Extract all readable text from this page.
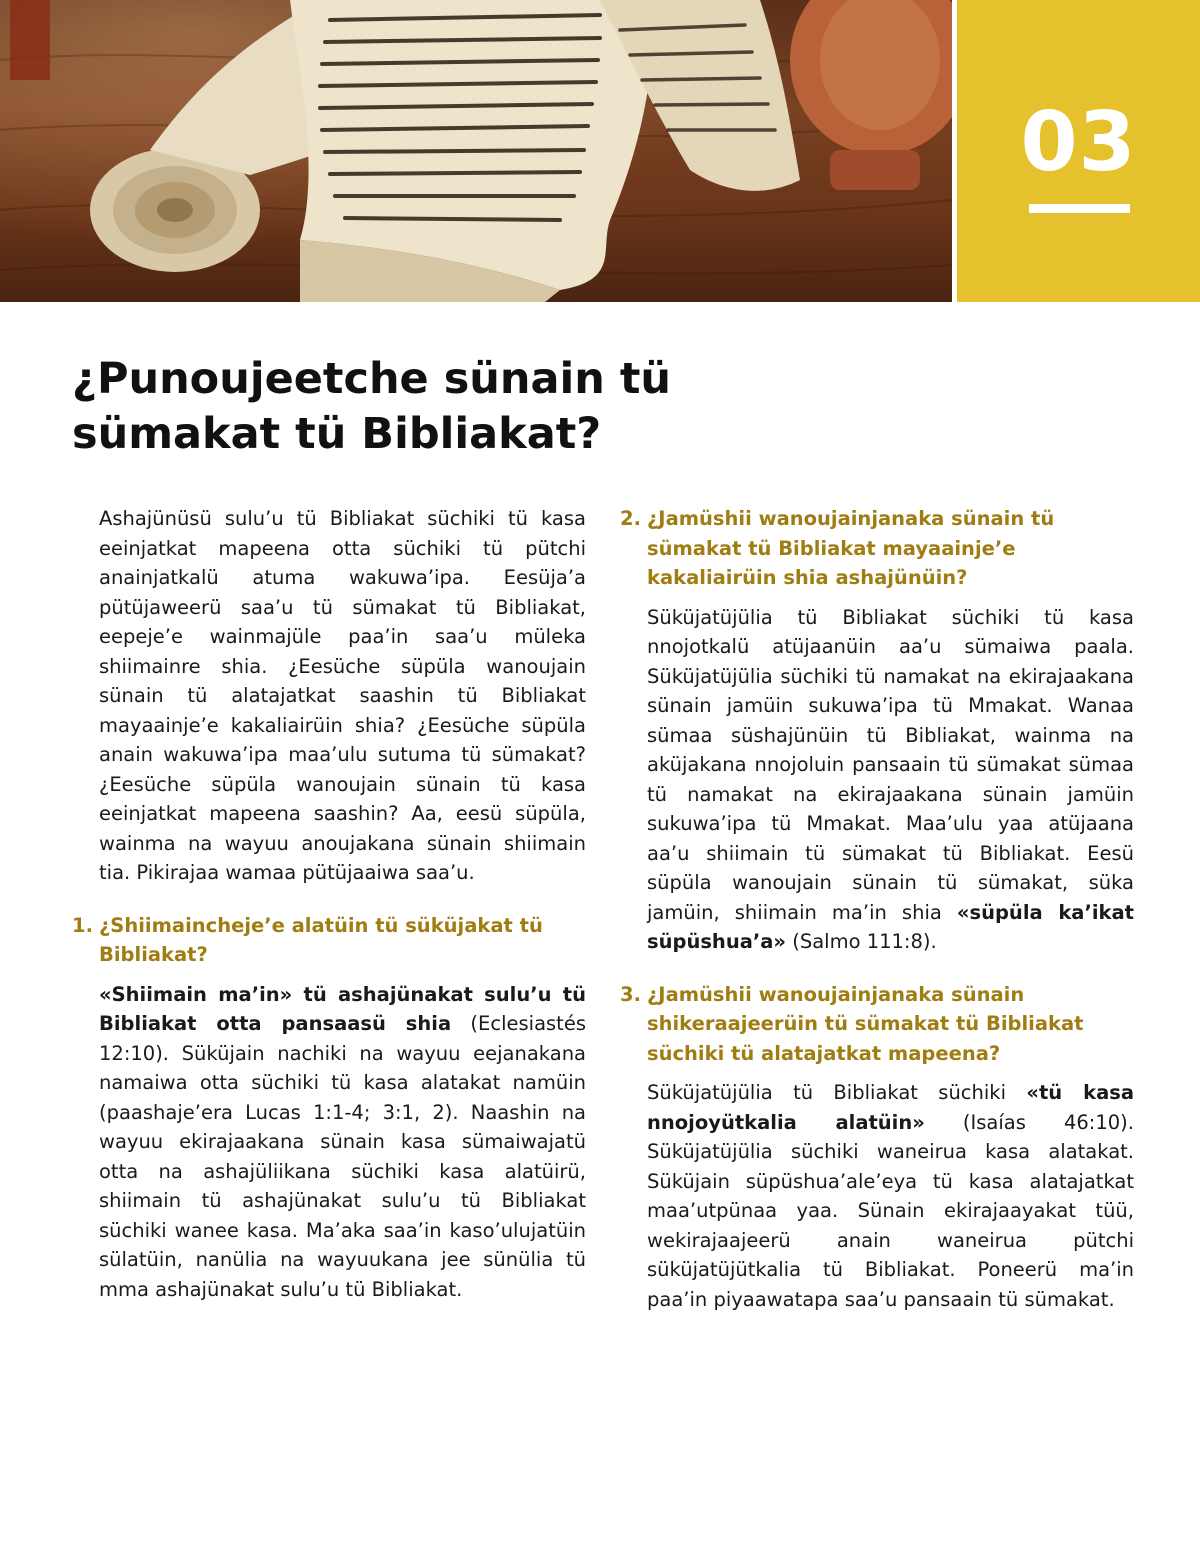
03
¿Punoujeetche sünain tü
sümakat tü Bibliakat?

Ashajünüsü sulu’u tü Bibliakat süchiki tü kasa eeinjatkat mapeena otta süchiki tü pütchi anainjatkalü atuma wakuwa’ipa. Eesüja’a pütüjaweerü saa’u tü sümakat tü Bibliakat, eepeje’e wainmajüle paa’in saa’u müleka shiimainre shia. ¿Eesüche süpüla wanoujain sünain tü alatajatkat saashin tü Bibliakat mayaainje’e kakaliairüin shia? ¿Eesüche süpüla anain wakuwa’ipa maa’ulu sutuma tü sümakat? ¿Eesüche süpüla wanoujain sünain tü kasa eeinjatkat mapeena saashin? Aa, eesü süpüla, wainma na wayuu anoujakana sünain shiimain tia. Pikirajaa wamaa pütüjaaiwa saa’u.

1. ¿Shiimaincheje’e alatüin tü süküjakat tü Bibliakat?

«Shiimain ma’in» tü ashajünakat sulu’u tü Bibliakat otta pansaasü shia (Eclesiastés 12:10). Süküjain nachiki na wayuu eejanakana namaiwa otta süchiki tü kasa alatakat namüin (paashaje’era Lucas 1:1-4; 3:1, 2). Naashin na wayuu ekirajaakana sünain kasa sümaiwajatü otta na ashajüliikana süchiki kasa alatüirü, shiimain tü ashajünakat sulu’u tü Bibliakat süchiki wanee kasa. Ma’aka saa’in kaso’ulujatüin sülatüin, nanülia na wayuukana jee sünülia tü mma ashajünakat sulu’u tü Bibliakat.

2. ¿Jamüshii wanoujainjanaka sünain tü sümakat tü Bibliakat mayaainje’e kakaliairüin shia ashajünüin?

Süküjatüjülia tü Bibliakat süchiki tü kasa nnojotkalü atüjaanüin aa’u sümaiwa paala. Süküjatüjülia süchiki tü namakat na ekirajaakana sünain jamüin sukuwa’ipa tü Mmakat. Wanaa sümaa süshajünüin tü Bibliakat, wainma na aküjakana nnojoluin pansaain tü sümakat sümaa tü namakat na ekirajaakana sünain jamüin sukuwa’ipa tü Mmakat. Maa’ulu yaa atüjaana aa’u shiimain tü sümakat tü Bibliakat. Eesü süpüla wanoujain sünain tü sümakat, süka jamüin, shiimain ma’in shia «süpüla ka’ikat süpüshua’a» (Salmo 111:8).

3. ¿Jamüshii wanoujainjanaka sünain shikeraajeerüin tü sümakat tü Bibliakat süchiki tü alatajatkat mapeena?

Süküjatüjülia tü Bibliakat süchiki «tü kasa nnojoyütkalia alatüin» (Isaías 46:10). Süküjatüjülia süchiki waneirua kasa alatakat. Süküjain süpüshua’ale’eya tü kasa alatajatkat maa’utpünaa yaa. Sünain ekirajaayakat tüü, wekirajaajeerü anain waneirua pütchi süküjatüjütkalia tü Bibliakat. Poneerü ma’in paa’in piyaawatapa saa’u pansaain tü sümakat.
